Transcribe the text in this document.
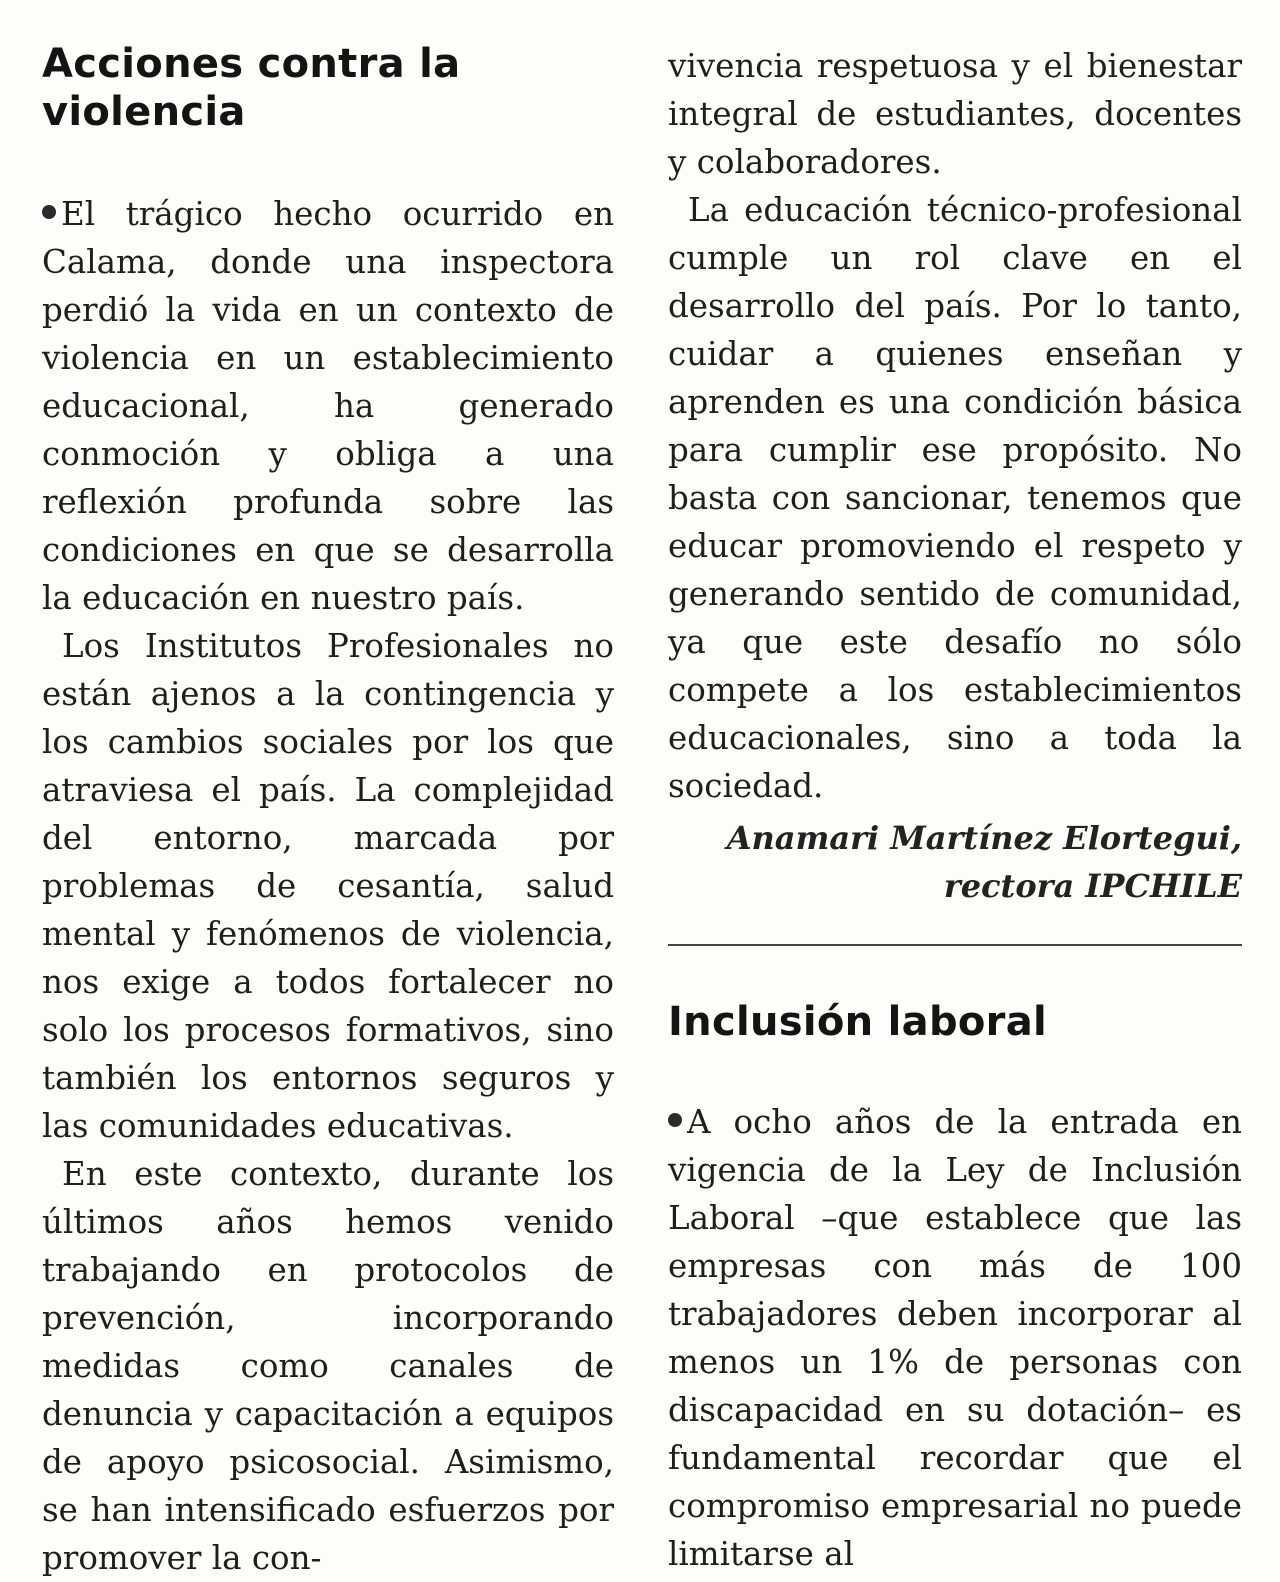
Acciones contra la violencia

El trágico hecho ocurrido en Calama, donde una inspectora perdió la vida en un contexto de violencia en un establecimiento educacional, ha generado conmoción y obliga a una reflexión profunda sobre las condiciones en que se desarrolla la educación en nuestro país.

Los Institutos Profesionales no están ajenos a la contingencia y los cambios sociales por los que atraviesa el país. La complejidad del entorno, marcada por problemas de cesantía, salud mental y fenómenos de violencia, nos exige a todos fortalecer no solo los procesos formativos, sino también los entornos seguros y las comunidades educativas.

En este contexto, durante los últimos años hemos venido trabajando en protocolos de prevención, incorporando medidas como canales de denuncia y capacitación a equipos de apoyo psicosocial. Asimismo, se han intensificado esfuerzos por promover la con-

vivencia respetuosa y el bienestar integral de estudiantes, docentes y colaboradores.

La educación técnico-profesional cumple un rol clave en el desarrollo del país. Por lo tanto, cuidar a quienes enseñan y aprenden es una condición básica para cumplir ese propósito. No basta con sancionar, tenemos que educar promoviendo el respeto y generando sentido de comunidad, ya que este desafío no sólo compete a los establecimientos educacionales, sino a toda la sociedad.

Anamari Martínez Elortegui,
rectora IPCHILE
Inclusión laboral

A ocho años de la entrada en vigencia de la Ley de Inclusión Laboral –que establece que las empresas con más de 100 trabajadores deben incorporar al menos un 1% de personas con discapacidad en su dotación– es fundamental recordar que el compromiso empresarial no puede limitarse al
